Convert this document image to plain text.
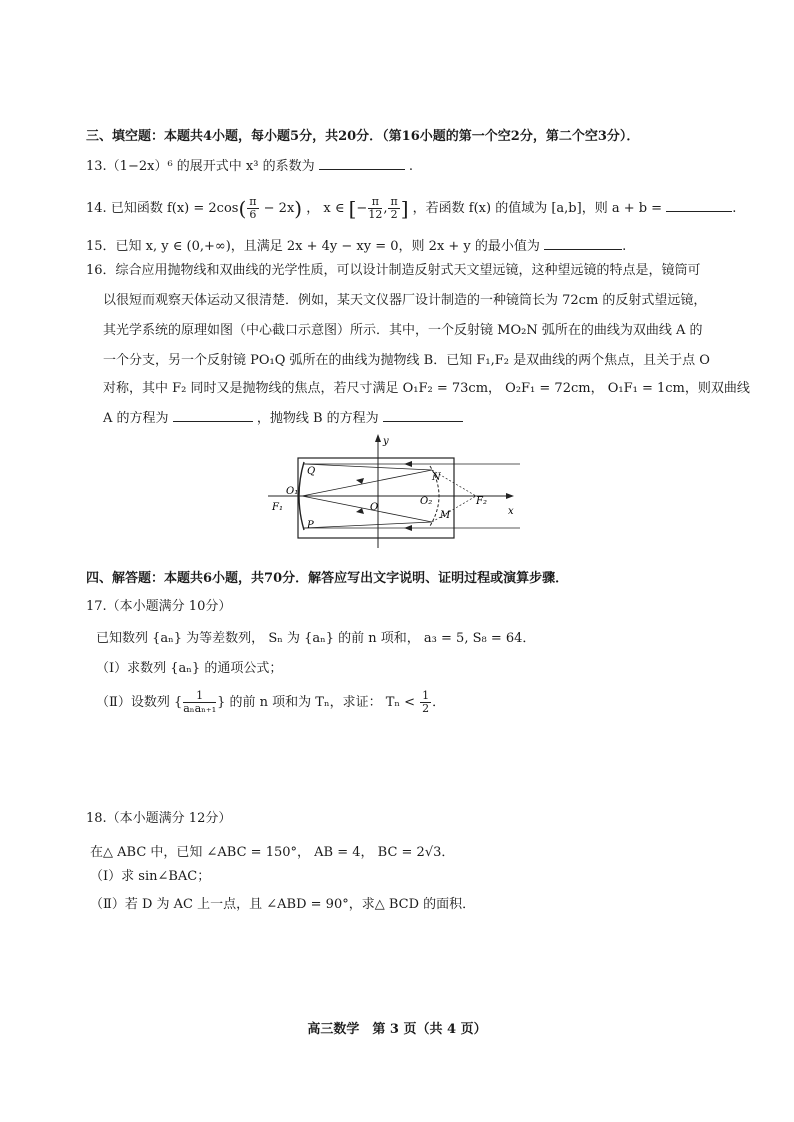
三、填空题：本题共4小题，每小题5分，共20分．（第16小题的第一个空2分，第二个空3分）．
13.（1−2x）⁶ 的展开式中 x³ 的系数为	.
14. 已知函数 $f(x) = 2\cos( \frac{\pi}{6} - 2x)$ ， x ∈ [− $\frac{\pi}{12}$ , $\frac{\pi}{2}$ ] ，若函数 f(x) 的值域为 [a,b]，则 a + b =	.
15．已知 x, y ∈ (0,+∞)，且满足 2x + 4y − xy = 0，则 2x + y 的最小值为	.
16．综合应用抛物线和双曲线的光学性质，可以设计制造反射式天文望远镜，这种望远镜的特点是，镜筒可
以很短而观察天体运动又很清楚．例如，某天文仪器厂设计制造的一种镜筒长为 72cm 的反射式望远镜，
其光学系统的原理如图（中心截口示意图）所示．其中，一个反射镜 MO₂N 弧所在的曲线为双曲线 A 的
一个分支，另一个反射镜 PO₁Q 弧所在的曲线为抛物线 B．已知 F₁,F₂ 是双曲线的两个焦点，且关于点 O
对称，其中 F₂ 同时又是抛物线的焦点，若尺寸满足 O₁F₂ = 73cm， O₂F₁ = 72cm， O₁F₁ = 1cm，则双曲线
A 的方程为	，抛物线 B 的方程为
y
x
Q
P
N
M
O
O₁
O₂
F₁
F₂
四、解答题：本题共6小题，共70分．解答应写出文字说明、证明过程或演算步骤．
17.（本小题满分 10分）
已知数列 {aₙ} 为等差数列， Sₙ 为 {aₙ} 的前 n 项和， a₃ = 5, S₈ = 64．
（Ⅰ）求数列 {aₙ} 的通项公式；
（Ⅱ）设数列 { $\frac{1}{\text{aₙaₙ₊₁}}$ } 的前 n 项和为 Tₙ，求证： $T_n < \frac{1}{2}$ ．
18.（本小题满分 12分）
在△ ABC 中，已知 ∠ABC = 150°， AB = 4， BC = 2√3．
（Ⅰ）求 sin∠BAC；
（Ⅱ）若 D 为 AC 上一点，且 ∠ABD = 90°，求△ BCD 的面积．
高三数学　第 3 页（共 4 页）
